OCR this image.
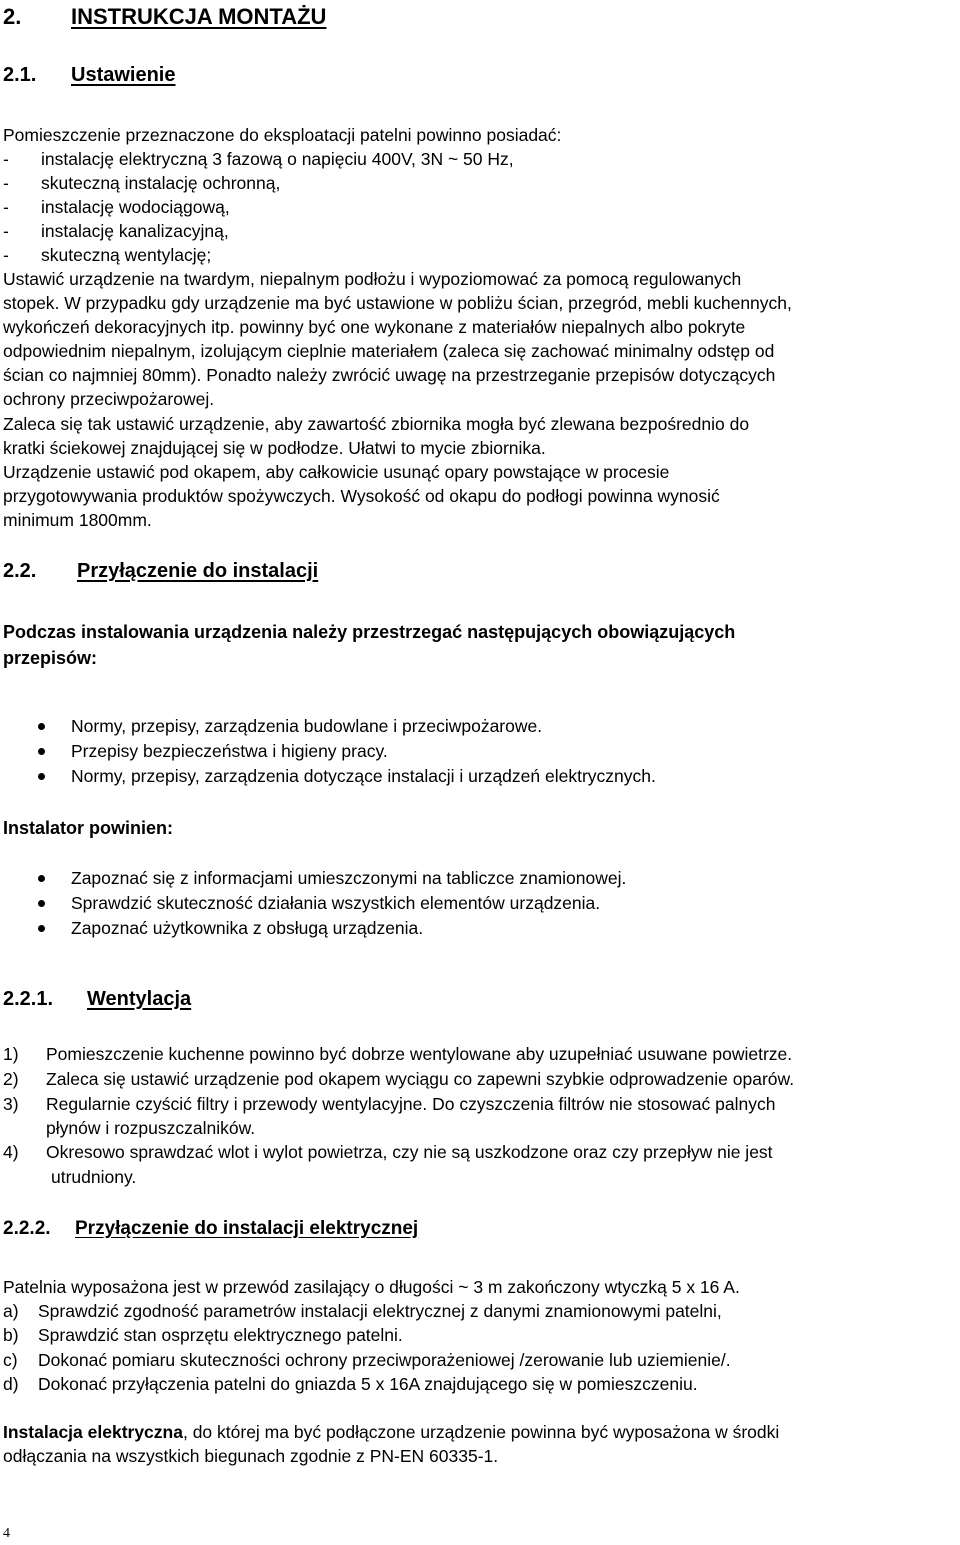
2. INSTRUKCJA MONTAŻU
2.1. Ustawienie
Pomieszczenie przeznaczone do eksploatacji patelni powinno posiadać:
- instalację elektryczną 3 fazową o napięciu 400V, 3N ~ 50 Hz,
- skuteczną instalację ochronną,
- instalację wodociągową,
- instalację kanalizacyjną,
- skuteczną wentylację;
Ustawić urządzenie na twardym, niepalnym podłożu i wypoziomować za pomocą regulowanych
stopek. W przypadku gdy urządzenie ma być ustawione w pobliżu ścian, przegród, mebli kuchennych,
wykończeń dekoracyjnych itp. powinny być one wykonane z materiałów niepalnych albo pokryte
odpowiednim niepalnym, izolującym cieplnie materiałem (zaleca się zachować minimalny odstęp od
ścian co najmniej 80mm). Ponadto należy zwrócić uwagę na przestrzeganie przepisów dotyczących
ochrony przeciwpożarowej.
Zaleca się tak ustawić urządzenie, aby zawartość zbiornika mogła być zlewana bezpośrednio do
kratki ściekowej znajdującej się w podłodze. Ułatwi to mycie zbiornika.
Urządzenie ustawić pod okapem, aby całkowicie usunąć opary powstające w procesie
przygotowywania produktów spożywczych. Wysokość od okapu do podłogi powinna wynosić
minimum 1800mm.
2.2. Przyłączenie do instalacji
Podczas instalowania urządzenia należy przestrzegać następujących obowiązujących
przepisów:
Normy, przepisy, zarządzenia budowlane i przeciwpożarowe.
Przepisy bezpieczeństwa i higieny pracy.
Normy, przepisy, zarządzenia dotyczące instalacji i urządzeń elektrycznych.
Instalator powinien:
Zapoznać się z informacjami umieszczonymi na tabliczce znamionowej.
Sprawdzić skuteczność działania wszystkich elementów urządzenia.
Zapoznać użytkownika z obsługą urządzenia.
2.2.1. Wentylacja
1) Pomieszczenie kuchenne powinno być dobrze wentylowane aby uzupełniać usuwane powietrze.
2) Zaleca się ustawić urządzenie pod okapem wyciągu co zapewni szybkie odprowadzenie oparów.
3) Regularnie czyścić filtry i przewody wentylacyjne. Do czyszczenia filtrów nie stosować palnych
płynów i rozpuszczalników.
4) Okresowo sprawdzać wlot i wylot powietrza, czy nie są uszkodzone oraz czy przepływ nie jest
utrudniony.
2.2.2. Przyłączenie do instalacji elektrycznej
Patelnia wyposażona jest w przewód zasilający o długości ~ 3 m zakończony wtyczką 5 x 16 A.
a) Sprawdzić zgodność parametrów instalacji elektrycznej z danymi znamionowymi patelni,
b) Sprawdzić stan osprzętu elektrycznego patelni.
c) Dokonać pomiaru skuteczności ochrony przeciwporażeniowej /zerowanie lub uziemienie/.
d) Dokonać przyłączenia patelni do gniazda 5 x 16A znajdującego się w pomieszczeniu.
Instalacja elektryczna, do której ma być podłączone urządzenie powinna być wyposażona w środki
odłączania na wszystkich biegunach zgodnie z PN-EN 60335-1.
4
